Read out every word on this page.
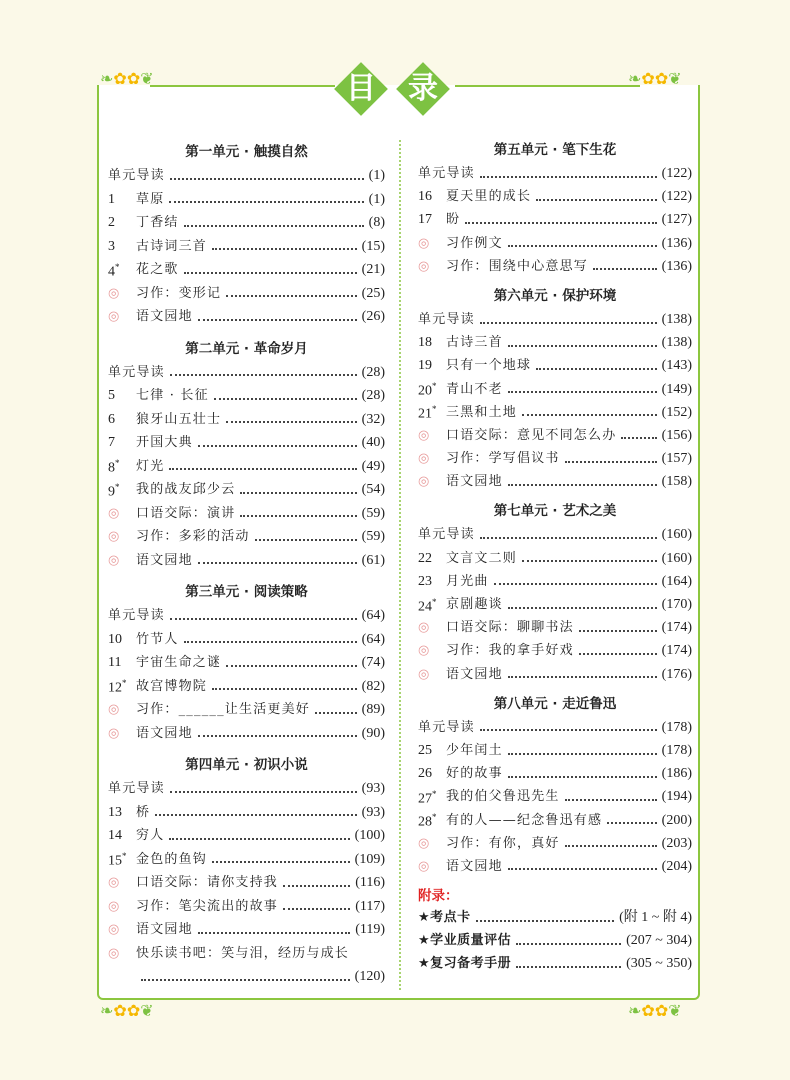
目	录
❧✿✿❦	❧✿✿❦
❧✿✿❦	❧✿✿❦
第一单元 · 触摸自然
单元导读	(1)
1	草原	(1)
2	丁香结	(8)
3	古诗词三首	(15)
4*	花之歌	(21)
◎	习作：变形记	(25)
◎	语文园地	(26)
第二单元 · 革命岁月
单元导读	(28)
5	七律 · 长征	(28)
6	狼牙山五壮士	(32)
7	开国大典	(40)
8*	灯光	(49)
9*	我的战友邱少云	(54)
◎	口语交际：演讲	(59)
◎	习作：多彩的活动	(59)
◎	语文园地	(61)
第三单元 · 阅读策略
单元导读	(64)
10	竹节人	(64)
11	宇宙生命之谜	(74)
12* 故宫博物院	(82)
◎	习作：______让生活更美好	(89)
◎	语文园地	(90)
第四单元 · 初识小说
单元导读	(93)
13	桥	(93)
14	穷人	(100)
15* 金色的鱼钩	(109)
◎	口语交际：请你支持我	(116)
◎	习作：笔尖流出的故事	(117)
◎	语文园地	(119)
◎	快乐读书吧：笑与泪，经历与成长
(120)
第五单元 · 笔下生花
单元导读	(122)
16	夏天里的成长	(122)
17	盼	(127)
◎	习作例文	(136)
◎	习作：围绕中心意思写	(136)
第六单元 · 保护环境
单元导读	(138)
18	古诗三首	(138)
19	只有一个地球	(143)
20* 青山不老	(149)
21* 三黑和土地	(152)
◎	口语交际：意见不同怎么办	(156)
◎	习作：学写倡议书	(157)
◎	语文园地	(158)
第七单元 · 艺术之美
单元导读	(160)
22	文言文二则	(160)
23	月光曲	(164)
24* 京剧趣谈	(170)
◎	口语交际：聊聊书法	(174)
◎	习作：我的拿手好戏	(174)
◎	语文园地	(176)
第八单元 · 走近鲁迅
单元导读	(178)
25	少年闰土	(178)
26	好的故事	(186)
27* 我的伯父鲁迅先生	(194)
28* 有的人——纪念鲁迅有感	(200)
◎	习作：有你，真好	(203)
◎	语文园地	(204)
附录：
★考点卡	(附 1 ~ 附 4)
★学业质量评估	(207 ~ 304)
★复习备考手册	(305 ~ 350)
